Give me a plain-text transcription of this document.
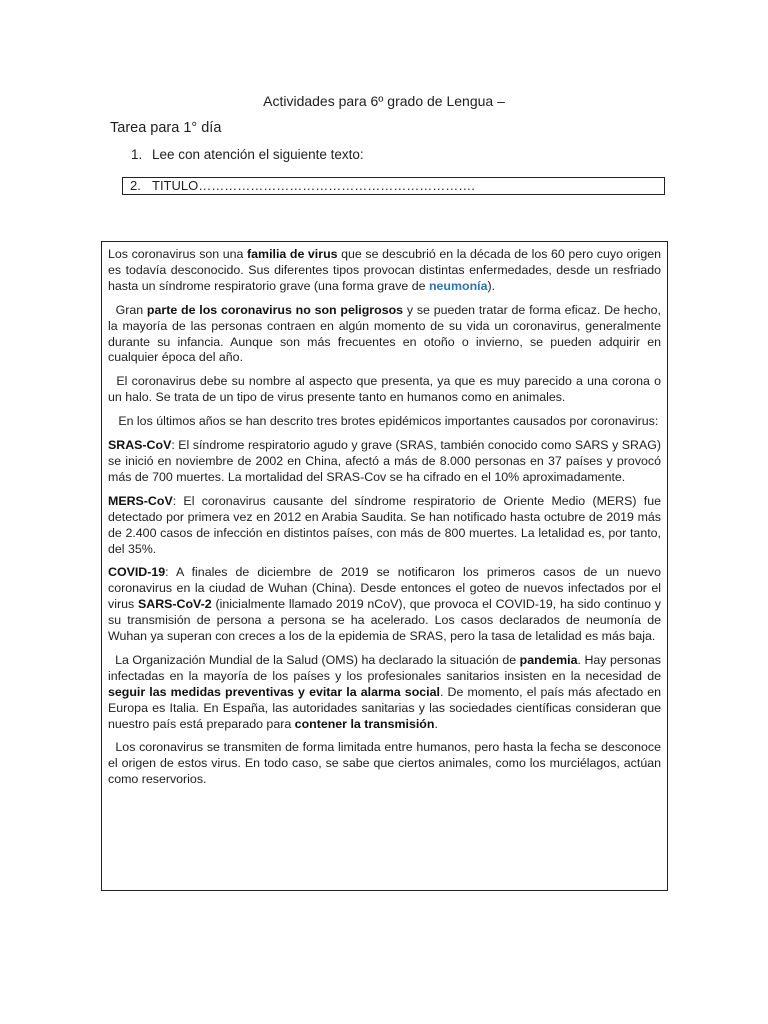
Actividades para 6º grado de Lengua –
Tarea para 1° día
1. Lee con atención el siguiente texto:
2. TITULO……………………………………………………….

Los coronavirus son una familia de virus que se descubrió en la década de los 60 pero cuyo origen es todavía desconocido. Sus diferentes tipos provocan distintas enfermedades, desde un resfriado hasta un síndrome respiratorio grave (una forma grave de neumonía).

Gran parte de los coronavirus no son peligrosos y se pueden tratar de forma eficaz. De hecho, la mayoría de las personas contraen en algún momento de su vida un coronavirus, generalmente durante su infancia. Aunque son más frecuentes en otoño o invierno, se pueden adquirir en cualquier época del año.

El coronavirus debe su nombre al aspecto que presenta, ya que es muy parecido a una corona o un halo. Se trata de un tipo de virus presente tanto en humanos como en animales.

En los últimos años se han descrito tres brotes epidémicos importantes causados por coronavirus:

SRAS-CoV: El síndrome respiratorio agudo y grave (SRAS, también conocido como SARS y SRAG) se inició en noviembre de 2002 en China, afectó a más de 8.000 personas en 37 países y provocó más de 700 muertes. La mortalidad del SRAS-Cov se ha cifrado en el 10% aproximadamente.

MERS-CoV: El coronavirus causante del síndrome respiratorio de Oriente Medio (MERS) fue detectado por primera vez en 2012 en Arabia Saudita. Se han notificado hasta octubre de 2019 más de 2.400 casos de infección en distintos países, con más de 800 muertes. La letalidad es, por tanto, del 35%.

COVID-19: A finales de diciembre de 2019 se notificaron los primeros casos de un nuevo coronavirus en la ciudad de Wuhan (China). Desde entonces el goteo de nuevos infectados por el virus SARS-CoV-2 (inicialmente llamado 2019 nCoV), que provoca el COVID-19, ha sido continuo y su transmisión de persona a persona se ha acelerado. Los casos declarados de neumonía de Wuhan ya superan con creces a los de la epidemia de SRAS, pero la tasa de letalidad es más baja.

La Organización Mundial de la Salud (OMS) ha declarado la situación de pandemia. Hay personas infectadas en la mayoría de los países y los profesionales sanitarios insisten en la necesidad de seguir las medidas preventivas y evitar la alarma social. De momento, el país más afectado en Europa es Italia. En España, las autoridades sanitarias y las sociedades científicas consideran que nuestro país está preparado para contener la transmisión.

Los coronavirus se transmiten de forma limitada entre humanos, pero hasta la fecha se desconoce el origen de estos virus. En todo caso, se sabe que ciertos animales, como los murciélagos, actúan como reservorios.
